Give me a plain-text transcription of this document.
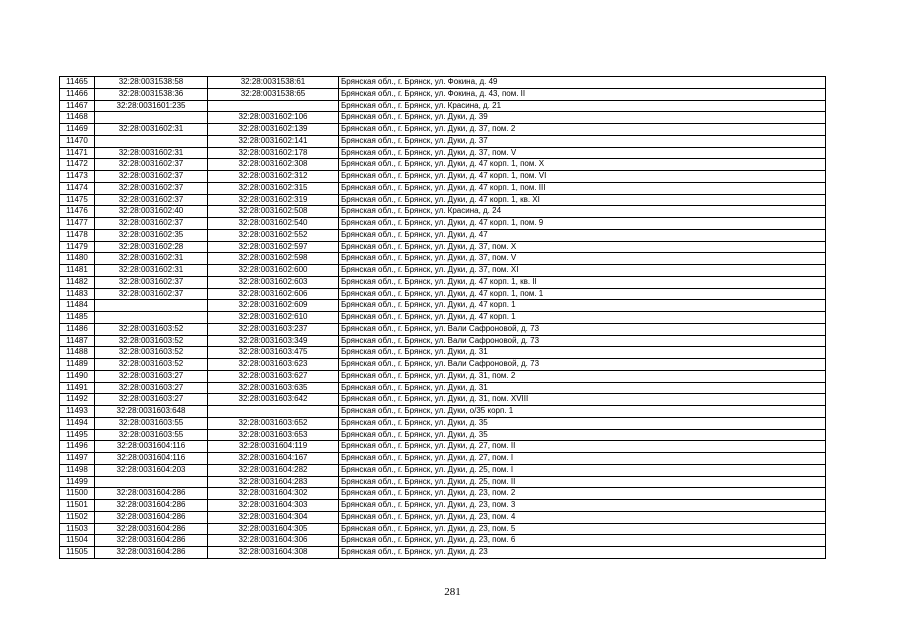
11465	32:28:0031538:58	32:28:0031538:61	Брянская обл., г. Брянск, ул. Фокина, д. 49
11466	32:28:0031538:36	32:28:0031538:65	Брянская обл., г. Брянск, ул. Фокина, д. 43, пом. II
11467	32:28:0031601:235		Брянская обл., г. Брянск, ул. Красина, д. 21
11468		32:28:0031602:106	Брянская обл., г. Брянск, ул. Дуки, д. 39
11469	32:28:0031602:31	32:28:0031602:139	Брянская обл., г. Брянск, ул. Дуки, д. 37, пом. 2
11470		32:28:0031602:141	Брянская обл., г. Брянск, ул. Дуки, д. 37
11471	32:28:0031602:31	32:28:0031602:178	Брянская обл., г. Брянск, ул. Дуки, д. 37, пом. V
11472	32:28:0031602:37	32:28:0031602:308	Брянская обл., г. Брянск, ул. Дуки, д. 47 корп. 1, пом. X
11473	32:28:0031602:37	32:28:0031602:312	Брянская обл., г. Брянск, ул. Дуки, д. 47 корп. 1, пом. VI
11474	32:28:0031602:37	32:28:0031602:315	Брянская обл., г. Брянск, ул. Дуки, д. 47 корп. 1, пом. III
11475	32:28:0031602:37	32:28:0031602:319	Брянская обл., г. Брянск, ул. Дуки, д. 47 корп. 1, кв. XI
11476	32:28:0031602:40	32:28:0031602:508	Брянская обл., г. Брянск, ул. Красина, д. 24
11477	32:28:0031602:37	32:28:0031602:540	Брянская обл., г. Брянск, ул. Дуки, д. 47 корп. 1, пом. 9
11478	32:28:0031602:35	32:28:0031602:552	Брянская обл., г. Брянск, ул. Дуки, д. 47
11479	32:28:0031602:28	32:28:0031602:597	Брянская обл., г. Брянск, ул. Дуки, д. 37, пом. X
11480	32:28:0031602:31	32:28:0031602:598	Брянская обл., г. Брянск, ул. Дуки, д. 37, пом. V
11481	32:28:0031602:31	32:28:0031602:600	Брянская обл., г. Брянск, ул. Дуки, д. 37, пом. XI
11482	32:28:0031602:37	32:28:0031602:603	Брянская обл., г. Брянск, ул. Дуки, д. 47 корп. 1, кв. II
11483	32:28:0031602:37	32:28:0031602:606	Брянская обл., г. Брянск, ул. Дуки, д. 47 корп. 1, пом. 1
11484		32:28:0031602:609	Брянская обл., г. Брянск, ул. Дуки, д. 47 корп. 1
11485		32:28:0031602:610	Брянская обл., г. Брянск, ул. Дуки, д. 47 корп. 1
11486	32:28:0031603:52	32:28:0031603:237	Брянская обл., г. Брянск, ул. Вали Сафроновой, д. 73
11487	32:28:0031603:52	32:28:0031603:349	Брянская обл., г. Брянск, ул. Вали Сафроновой, д. 73
11488	32:28:0031603:52	32:28:0031603:475	Брянская обл., г. Брянск, ул. Дуки, д. 31
11489	32:28:0031603:52	32:28:0031603:623	Брянская обл., г. Брянск, ул. Вали Сафроновой, д. 73
11490	32:28:0031603:27	32:28:0031603:627	Брянская обл., г. Брянск, ул. Дуки, д. 31, пом. 2
11491	32:28:0031603:27	32:28:0031603:635	Брянская обл., г. Брянск, ул. Дуки, д. 31
11492	32:28:0031603:27	32:28:0031603:642	Брянская обл., г. Брянск, ул. Дуки, д. 31, пом. XVIII
11493	32:28:0031603:648		Брянская обл., г. Брянск, ул. Дуки, о/35 корп. 1
11494	32:28:0031603:55	32:28:0031603:652	Брянская обл., г. Брянск, ул. Дуки, д. 35
11495	32:28:0031603:55	32:28:0031603:653	Брянская обл., г. Брянск, ул. Дуки, д. 35
11496	32:28:0031604:116	32:28:0031604:119	Брянская обл., г. Брянск, ул. Дуки, д. 27, пом. II
11497	32:28:0031604:116	32:28:0031604:167	Брянская обл., г. Брянск, ул. Дуки, д. 27, пом. I
11498	32:28:0031604:203	32:28:0031604:282	Брянская обл., г. Брянск, ул. Дуки, д. 25, пом. I
11499		32:28:0031604:283	Брянская обл., г. Брянск, ул. Дуки, д. 25, пом. II
11500	32:28:0031604:286	32:28:0031604:302	Брянская обл., г. Брянск, ул. Дуки, д. 23, пом. 2
11501	32:28:0031604:286	32:28:0031604:303	Брянская обл., г. Брянск, ул. Дуки, д. 23, пом. 3
11502	32:28:0031604:286	32:28:0031604:304	Брянская обл., г. Брянск, ул. Дуки, д. 23, пом. 4
11503	32:28:0031604:286	32:28:0031604:305	Брянская обл., г. Брянск, ул. Дуки, д. 23, пом. 5
11504	32:28:0031604:286	32:28:0031604:306	Брянская обл., г. Брянск, ул. Дуки, д. 23, пом. 6
11505	32:28:0031604:286	32:28:0031604:308	Брянская обл., г. Брянск, ул. Дуки, д. 23
281
